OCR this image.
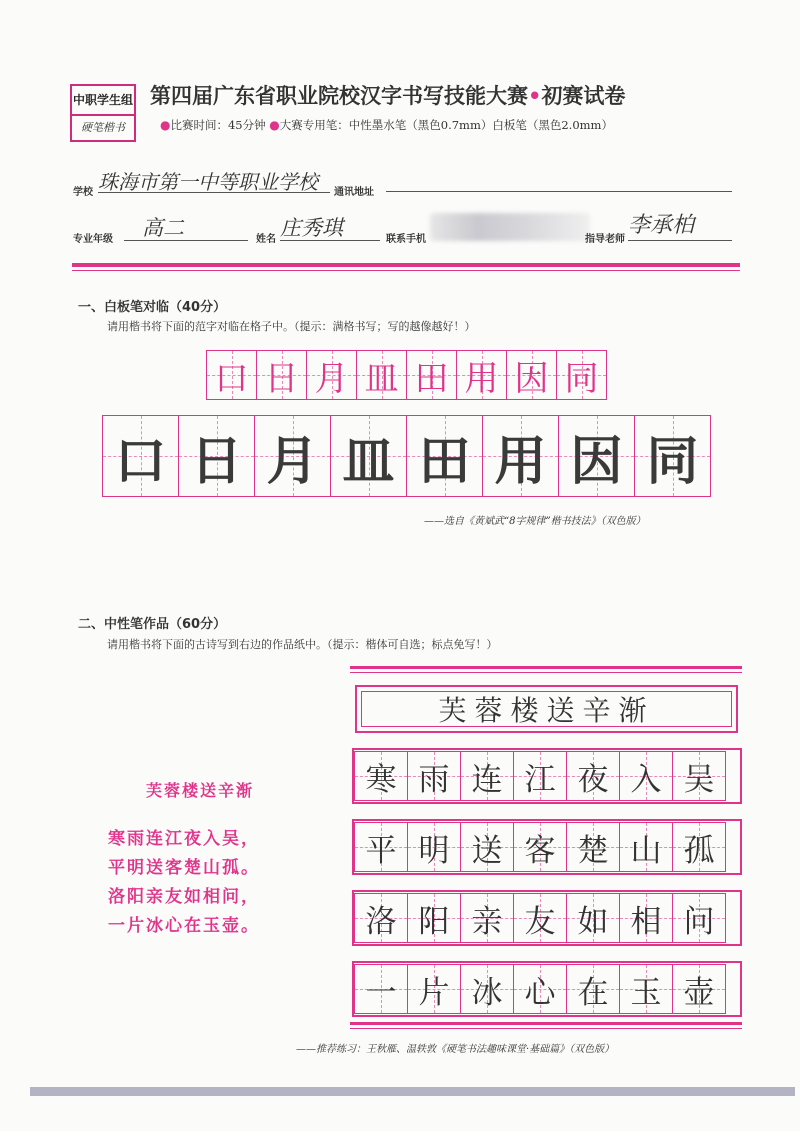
中职学生组
硬笔楷书
第四届广东省职业院校汉字书写技能大赛•初赛试卷
●比赛时间：45分钟 ●大赛专用笔：中性墨水笔（黑色0.7mm）白板笔（黑色2.0mm）
学校 珠海市第一中等职业学校	通讯地址
专业年级	高二	姓名 庄秀琪	联系手机	指导老师
李承柏
一、白板笔对临（40分）
请用楷书将下面的范字对临在格子中。（提示：满格书写；写的越像越好！）
口 日 月 皿 田 用 因 同
口 日 月 皿 田 用 因 同
——选自《黄斌武“8字规律”楷书技法》（双色版）
二、中性笔作品（60分）
请用楷书将下面的古诗写到右边的作品纸中。（提示：楷体可自选；标点免写！）
芙蓉楼送辛渐
寒雨连江夜入吴，
平明送客楚山孤。
洛阳亲友如相问，
一片冰心在玉壶。
芙蓉楼送辛渐
寒 雨 连 江 夜 入 吴
平 明 送 客 楚 山 孤
洛 阳 亲 友 如 相 问
一 片 冰 心 在 玉 壶
——推荐练习：王秋雁、温轶敦《硬笔书法趣味课堂·基础篇》（双色版）
